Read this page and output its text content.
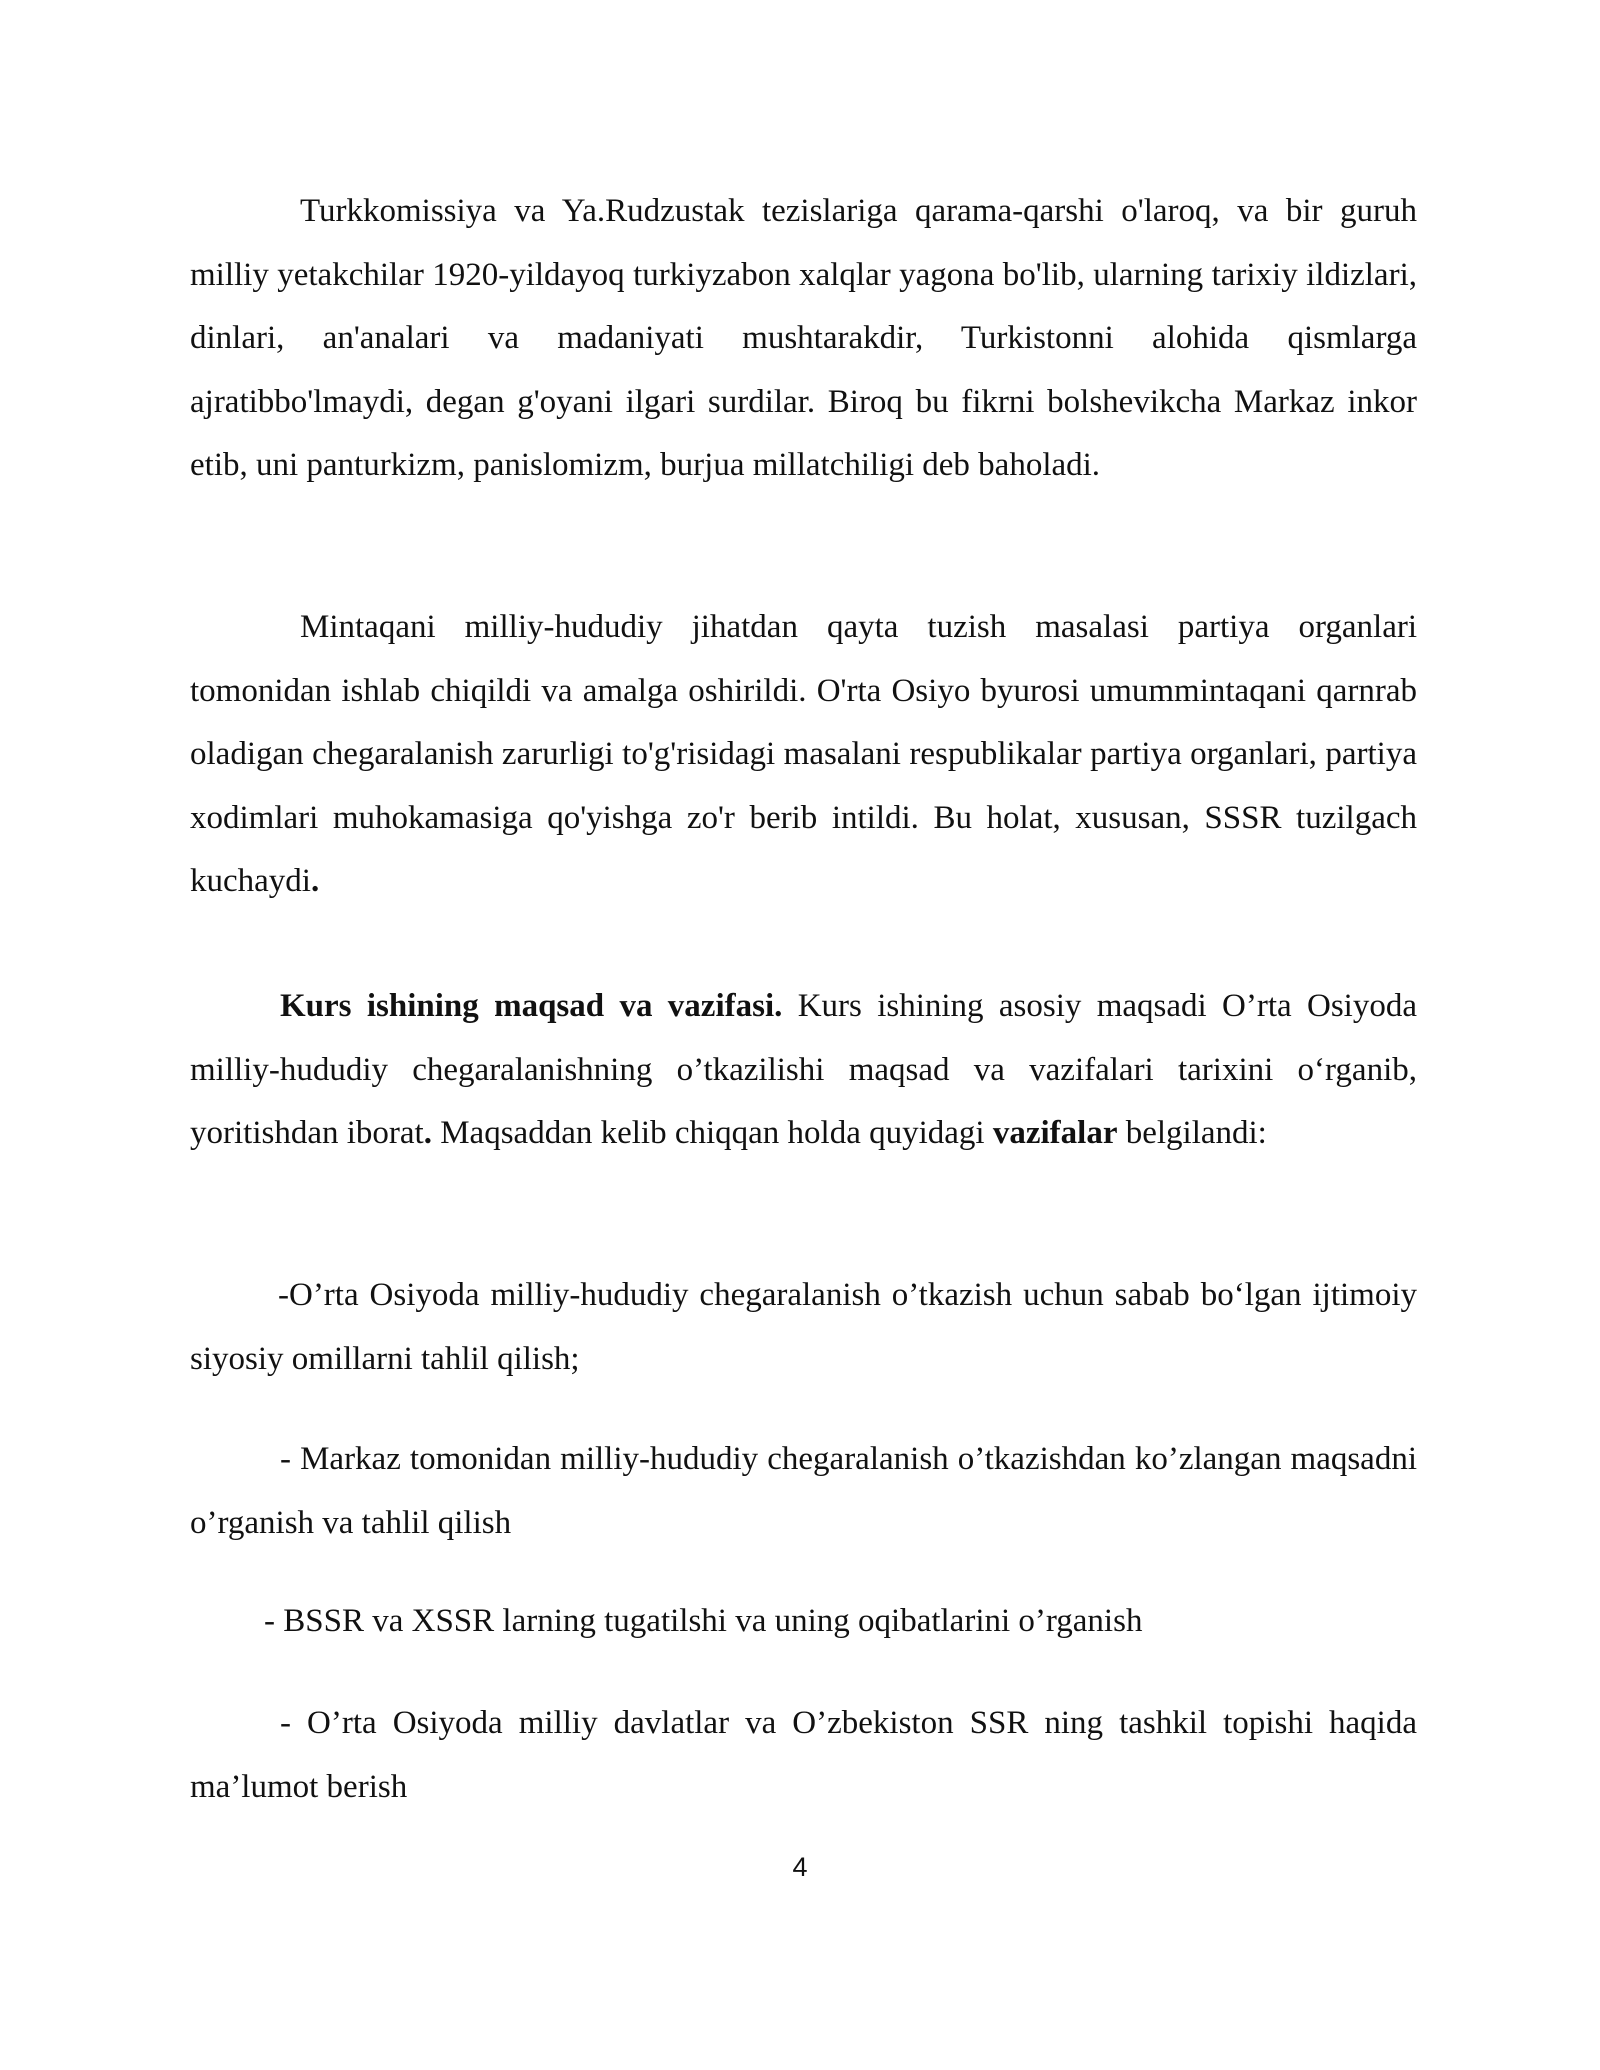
Turkkomissiya va Ya.Rudzustak tezislariga qarama-qarshi o'laroq, va bir guruh milliy yetakchilar 1920-yildayoq turkiyzabon xalqlar yagona bo'lib, ularning tarixiy ildizlari, dinlari, an'analari va madaniyati mushtarakdir, Turkistonni alohida qismlarga ajratibbo'lmaydi, degan g'oyani ilgari surdilar. Biroq bu fikrni bolshevikcha Markaz inkor etib, uni panturkizm, panislomizm, burjua millatchiligi deb baholadi.

Mintaqani milliy-hududiy jihatdan qayta tuzish masalasi partiya organlari tomonidan ishlab chiqildi va amalga oshirildi. O'rta Osiyo byurosi umummintaqani qarnrab oladigan chegaralanish zarurligi to'g'risidagi masalani respublikalar partiya organlari, partiya xodimlari muhokamasiga qo'yishga zo'r berib intildi. Bu holat, xususan, SSSR tuzilgach kuchaydi.

Kurs ishining maqsad va vazifasi. Kurs ishining asosiy maqsadi O’rta Osiyoda milliy-hududiy chegaralanishning o’tkazilishi maqsad va vazifalari tarixini o‘rganib, yoritishdan iborat. Maqsaddan kelib chiqqan holda quyidagi vazifalar belgilandi:

-O’rta Osiyoda milliy-hududiy chegaralanish o’tkazish uchun sabab bo‘lgan ijtimoiy siyosiy omillarni tahlil qilish;

- Markaz tomonidan milliy-hududiy chegaralanish o’tkazishdan ko’zlangan maqsadni o’rganish va tahlil qilish

- BSSR va XSSR larning tugatilshi va uning oqibatlarini o’rganish

- O’rta Osiyoda milliy davlatlar va O’zbekiston SSR ning tashkil topishi haqida ma’lumot berish

4
